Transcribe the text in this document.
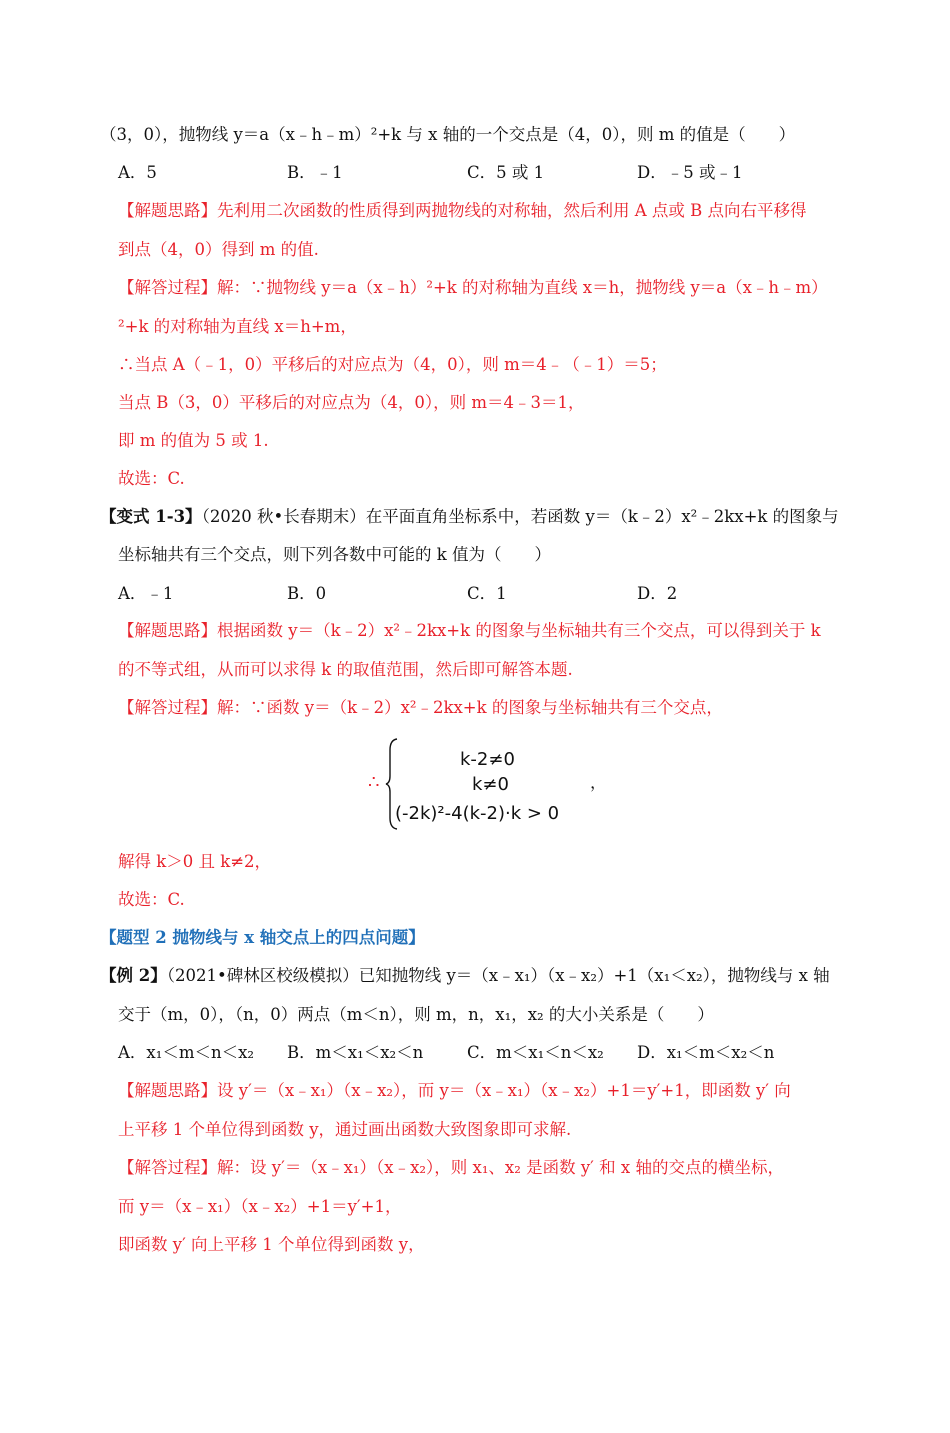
（3，0），抛物线 y＝a（x﹣h﹣m）²+k 与 x 轴的一个交点是（4，0），则 m 的值是（　　）
A．5	B．﹣1	C．5 或 1	D．﹣5 或﹣1
【解题思路】先利用二次函数的性质得到两抛物线的对称轴，然后利用 A 点或 B 点向右平移得
到点（4，0）得到 m 的值.
【解答过程】解：∵抛物线 y＝a（x﹣h）²+k 的对称轴为直线 x＝h，抛物线 y＝a（x﹣h﹣m）
²+k 的对称轴为直线 x＝h+m，
∴当点 A（﹣1，0）平移后的对应点为（4，0），则 m＝4﹣（﹣1）＝5；
当点 B（3，0）平移后的对应点为（4，0），则 m＝4﹣3＝1，
即 m 的值为 5 或 1.
故选：C.
【变式 1-3】（2020 秋•长春期末）在平面直角坐标系中，若函数 y＝（k﹣2）x²﹣2kx+k 的图象与
坐标轴共有三个交点，则下列各数中可能的 k 值为（　　）
A．﹣1	B．0	C．1	D．2
【解题思路】根据函数 y＝（k﹣2）x²﹣2kx+k 的图象与坐标轴共有三个交点，可以得到关于 k
的不等式组，从而可以求得 k 的取值范围，然后即可解答本题.
【解答过程】解：∵函数 y＝（k﹣2）x²﹣2kx+k 的图象与坐标轴共有三个交点，
∴
k-2≠0
k≠0
(-2k)²-4(k-2)·k > 0
，
解得 k＞0 且 k≠2，
故选：C.
【题型 2 抛物线与 x 轴交点上的四点问题】
【例 2】（2021•碑林区校级模拟）已知抛物线 y＝（x﹣x₁）（x﹣x₂）+1（x₁＜x₂），抛物线与 x 轴
交于（m，0），（n，0）两点（m＜n），则 m，n，x₁，x₂ 的大小关系是（　　）
A．x₁＜m＜n＜x₂ B．m＜x₁＜x₂＜n	C．m＜x₁＜n＜x₂ D．x₁＜m＜x₂＜n
【解题思路】设 y′＝（x﹣x₁）（x﹣x₂），而 y＝（x﹣x₁）（x﹣x₂）+1＝y′+1，即函数 y′ 向
上平移 1 个单位得到函数 y，通过画出函数大致图象即可求解.
【解答过程】解：设 y′＝（x﹣x₁）（x﹣x₂），则 x₁、x₂ 是函数 y′ 和 x 轴的交点的横坐标，
而 y＝（x﹣x₁）（x﹣x₂）+1＝y′+1，
即函数 y′ 向上平移 1 个单位得到函数 y，
